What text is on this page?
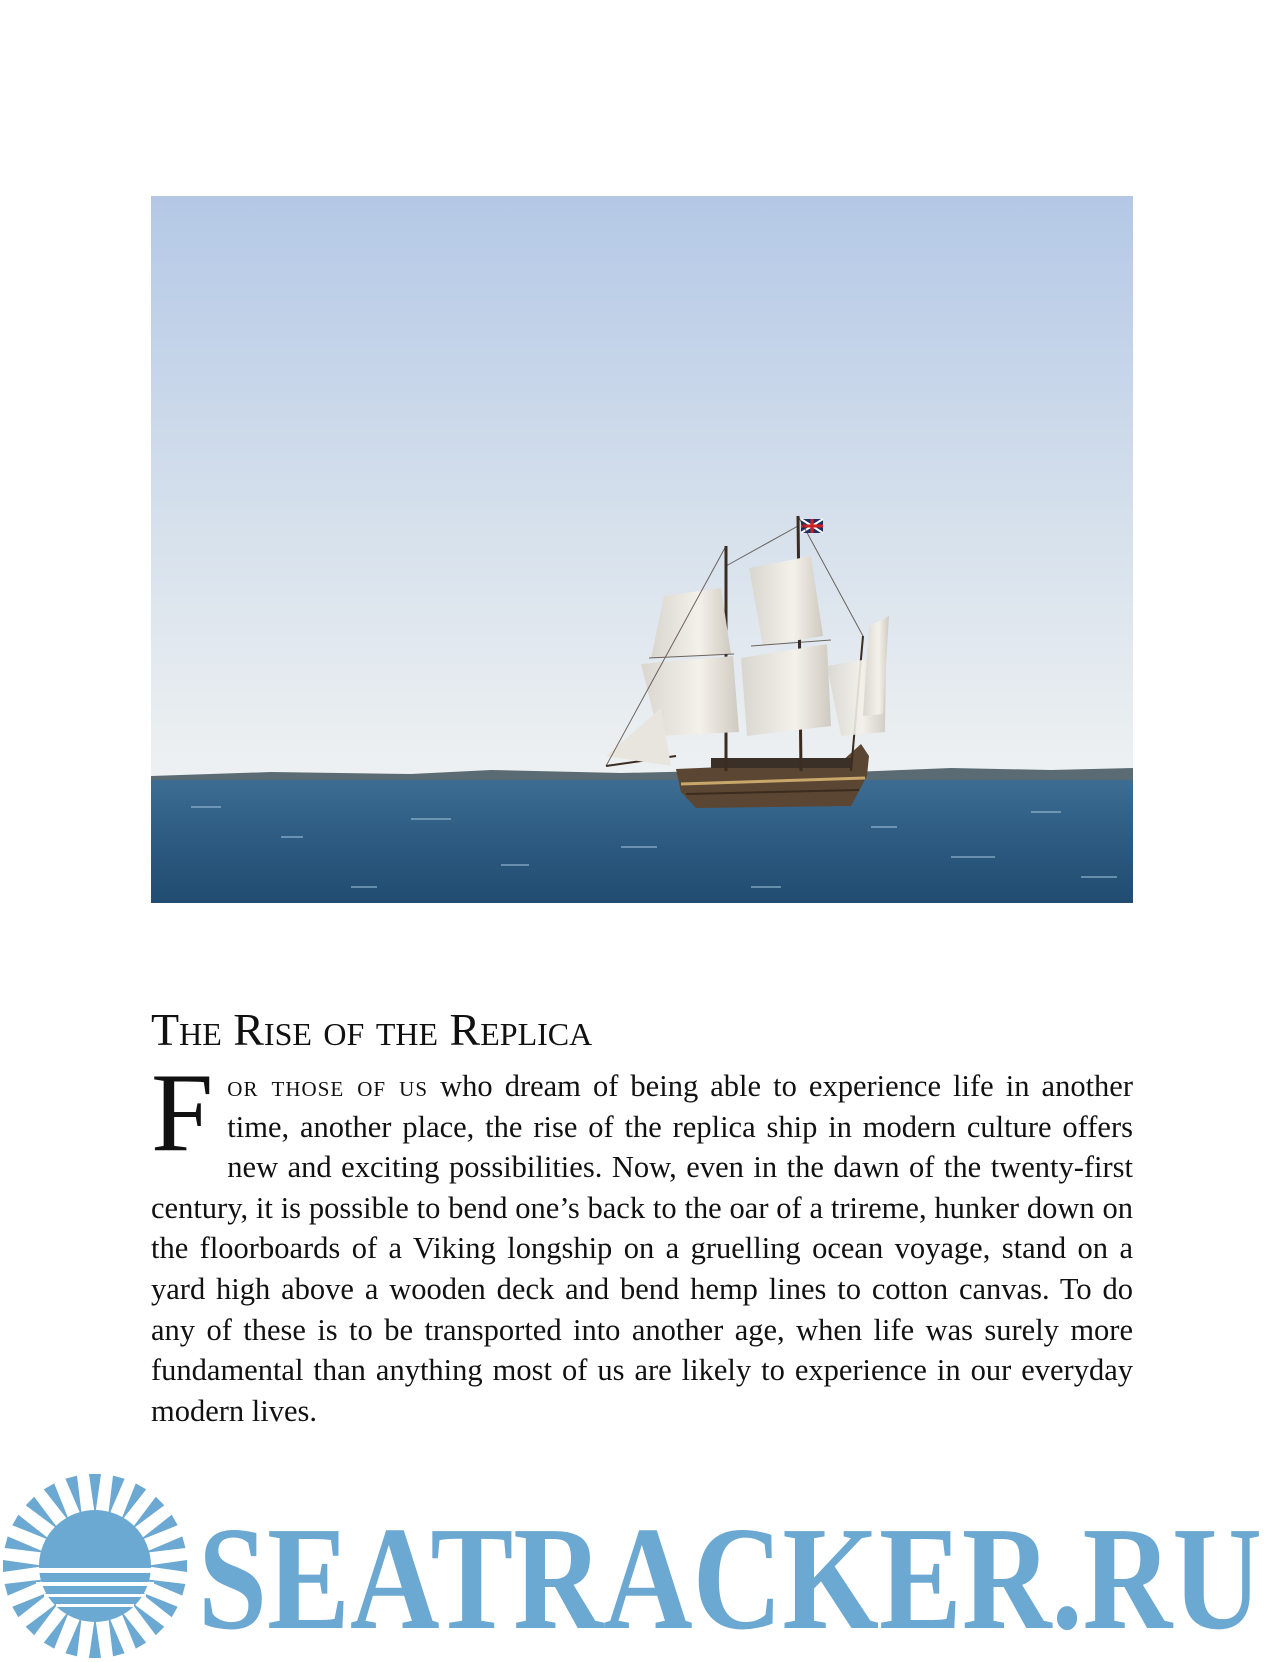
The Rise of the Replica

For those of us who dream of being able to experience life in another time, another place, the rise of the replica ship in modern culture offers new and exciting possibilities. Now, even in the dawn of the twenty-first century, it is possible to bend one’s back to the oar of a trireme, hunker down on the floorboards of a Viking longship on a gruelling ocean voyage, stand on a yard high above a wooden deck and bend hemp lines to cotton canvas. To do any of these is to be transported into another age, when life was surely more fundamental than anything most of us are likely to experience in our everyday modern lives.

SEATRACKER.RU
